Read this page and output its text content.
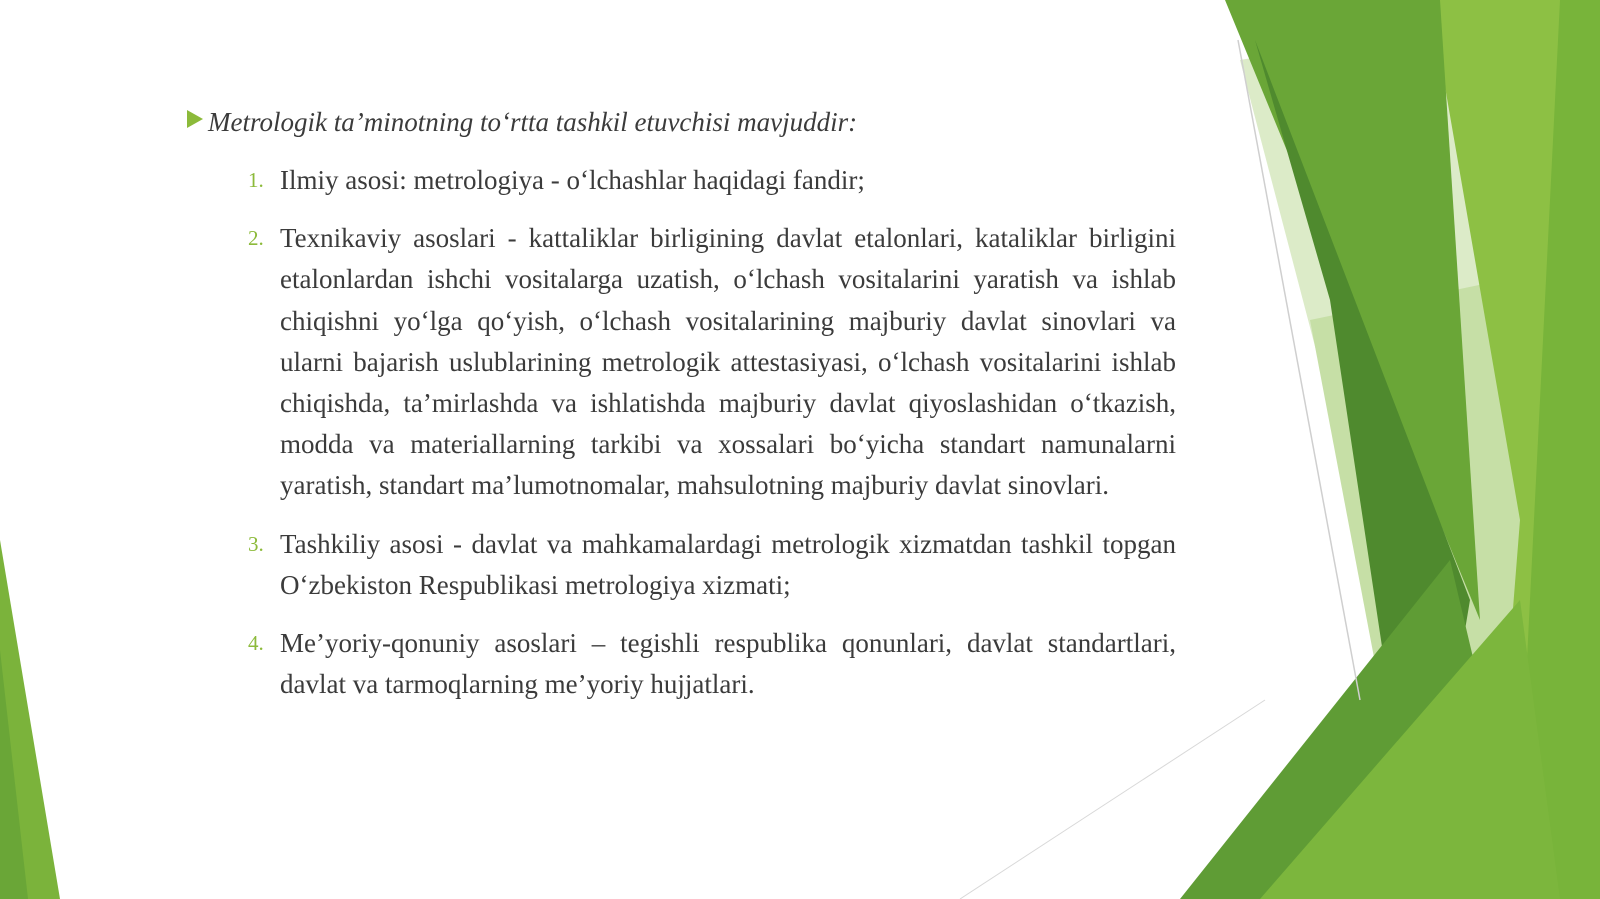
Metrologik ta’minotning to‘rtta tashkil etuvchisi mavjuddir:
1. Ilmiy asosi: metrologiya - o‘lchashlar haqidagi fandir;
2. Texnikaviy asoslari - kattaliklar birligining davlat etalonlari, kataliklar birligini etalonlardan ishchi vositalarga uzatish, o‘lchash vositalarini yaratish va ishlab chiqishni yo‘lga qo‘yish, o‘lchash vositalarining majburiy davlat sinovlari va ularni bajarish uslublarining metrologik attestasiyasi, o‘lchash vositalarini ishlab chiqishda, ta’mirlashda va ishlatishda majburiy davlat qiyoslashidan o‘tkazish, modda va materiallarning tarkibi va xossalari bo‘yicha standart namunalarni yaratish, standart ma’lumotnomalar, mahsulotning majburiy davlat sinovlari.
3. Tashkiliy asosi - davlat va mahkamalardagi metrologik xizmatdan tashkil topgan O‘zbekiston Respublikasi metrologiya xizmati;
4. Me’yoriy-qonuniy asoslari – tegishli respublika qonunlari, davlat standartlari, davlat va tarmoqlarning me’yoriy hujjatlari.
